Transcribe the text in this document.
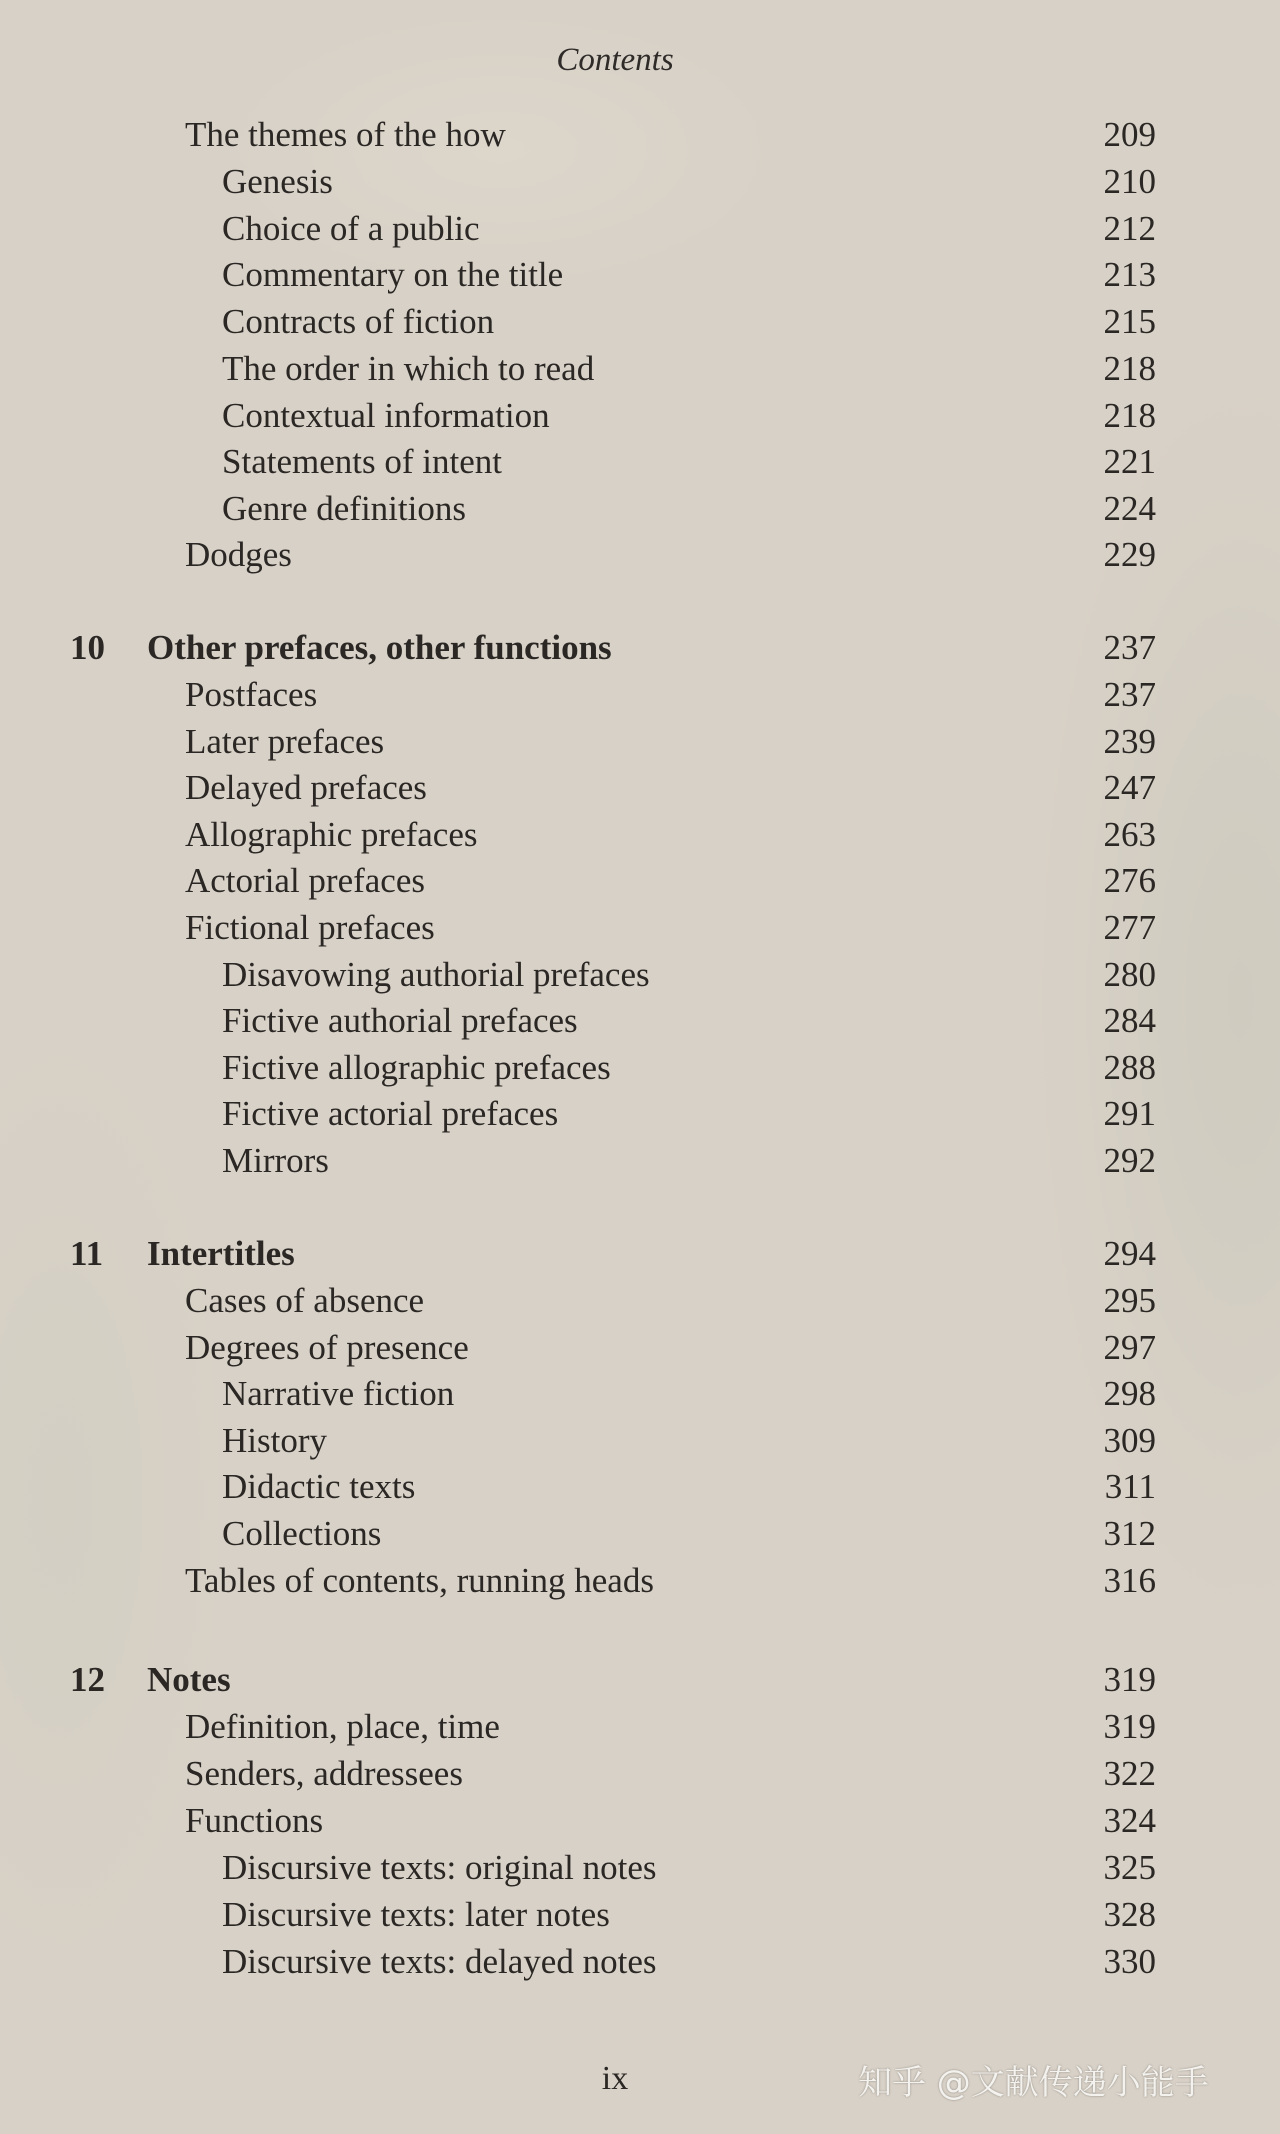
Contents
The themes of the how	209
Genesis	210
Choice of a public	212
Commentary on the title	213
Contracts of fiction	215
The order in which to read	218
Contextual information	218
Statements of intent	221
Genre definitions	224
Dodges	229
10 Other prefaces, other functions	237
Postfaces	237
Later prefaces	239
Delayed prefaces	247
Allographic prefaces	263
Actorial prefaces	276
Fictional prefaces	277
Disavowing authorial prefaces	280
Fictive authorial prefaces	284
Fictive allographic prefaces	288
Fictive actorial prefaces	291
Mirrors	292
11 Intertitles	294
Cases of absence	295
Degrees of presence	297
Narrative fiction	298
History	309
Didactic texts	311
Collections	312
Tables of contents, running heads	316
12 Notes	319
Definition, place, time	319
Senders, addressees	322
Functions	324
Discursive texts: original notes	325
Discursive texts: later notes	328
Discursive texts: delayed notes	330
ix	知乎 @文献传递小能手
